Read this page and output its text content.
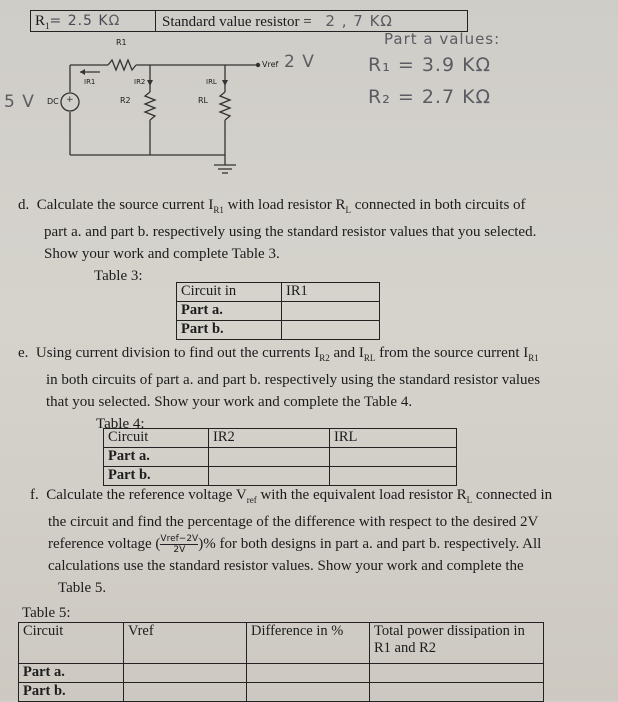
$R_1= 2.5$ KΩ	Standard value resistor = 2 , 7 KΩ
+
R1
R2	RL
Vref
IR1	IR2	IRL
DC
2 V
5 V
Part a values:
R₁ = 3.9 KΩ
R₂ = 2.7 KΩ
d. Calculate the source current $I_{R1}$ with load resistor $R_L$ connected in both circuits of
part a. and part b. respectively using the standard resistor values that you selected.
Show your work and complete Table 3.
Table 3:
Circuit in	IR1
Part a.	
Part b.	
e. Using current division to find out the currents $I_{R2}$ and $I_{RL}$ from the source current $I_{R1}$
in both circuits of part a. and part b. respectively using the standard resistor values
that you selected. Show your work and complete the Table 4.
Table 4:
Circuit	IR2	IRL
Part a.		
Part b.		
f. Calculate the reference voltage $V_{ref}$ with the equivalent load resistor $R_L$ connected in
the circuit and find the percentage of the difference with respect to the desired 2V
reference voltage ( Vref−2V
2V )% for both designs in part a. and part b. respectively. All
calculations use the standard resistor values. Show your work and complete the
Table 5.

Table 5:
Circuit	Vref	Difference in %	Total power dissipation in R1 and R2
Part a.			
Part b.			
